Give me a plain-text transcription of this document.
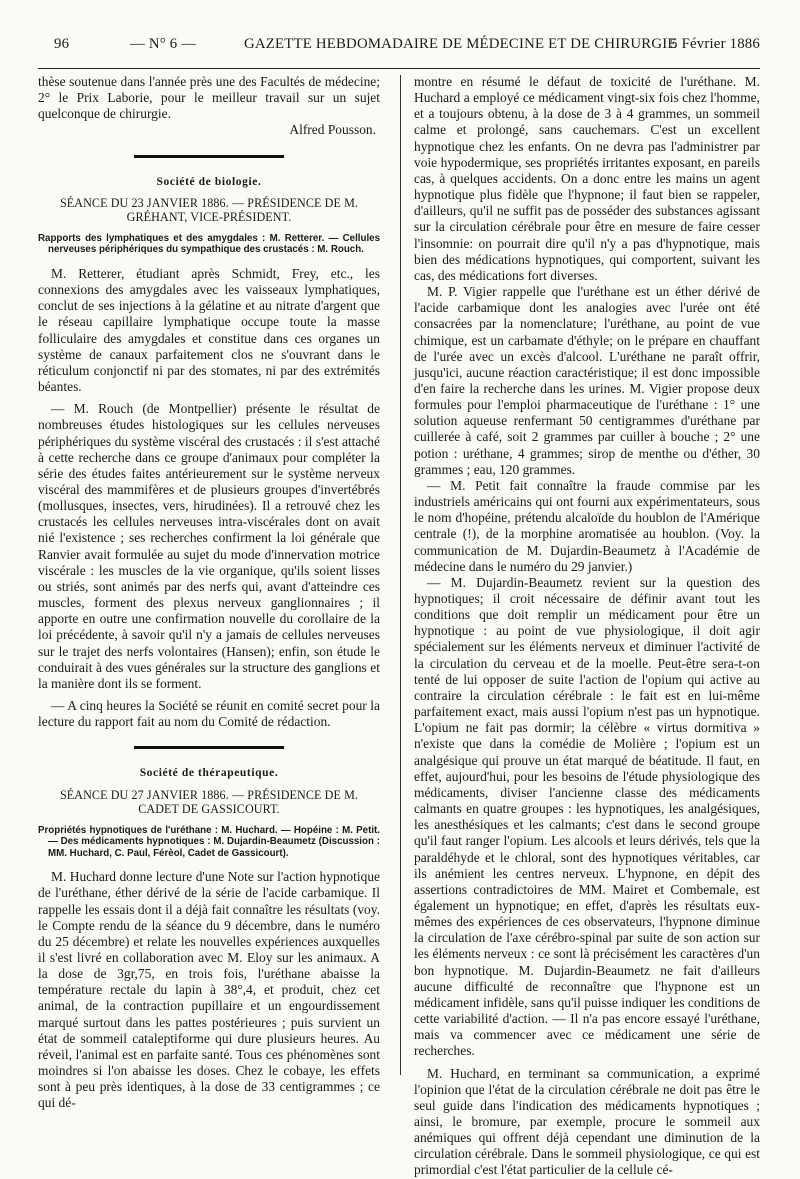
96	— N° 6 —	GAZETTE HEBDOMADAIRE DE MÉDECINE ET DE CHIRURGIE
5 Février 1886

thèse soutenue dans l'année près une des Facultés de médecine; 2° le Prix Laborie, pour le meilleur travail sur un sujet quelconque de chirurgie.

Alfred Pousson.

Société de biologie.
SÉANCE DU 23 JANVIER 1886. — PRÉSIDENCE DE M. GRÉHANT, VICE-PRÉSIDENT.
Rapports des lymphatiques et des amygdales : M. Retterer. — Cellules nerveuses périphériques du sympathique des crustacés : M. Rouch.

M. Retterer, étudiant après Schmidt, Frey, etc., les connexions des amygdales avec les vaisseaux lymphatiques, conclut de ses injections à la gélatine et au nitrate d'argent que le réseau capillaire lymphatique occupe toute la masse folliculaire des amygdales et constitue dans ces organes un système de canaux parfaitement clos ne s'ouvrant dans le réticulum conjonctif ni par des stomates, ni par des extrémités béantes.

— M. Rouch (de Montpellier) présente le résultat de nombreuses études histologiques sur les cellules nerveuses périphériques du système viscéral des crustacés : il s'est attaché à cette recherche dans ce groupe d'animaux pour compléter la série des études faites antérieurement sur le système nerveux viscéral des mammifères et de plusieurs groupes d'invertébrés (mollusques, insectes, vers, hirudinées). Il a retrouvé chez les crustacés les cellules nerveuses intra-viscérales dont on avait nié l'existence ; ses recherches confirment la loi générale que Ranvier avait formulée au sujet du mode d'innervation motrice viscérale : les muscles de la vie organique, qu'ils soient lisses ou striés, sont animés par des nerfs qui, avant d'atteindre ces muscles, forment des plexus nerveux ganglionnaires ; il apporte en outre une confirmation nouvelle du corollaire de la loi précédente, à savoir qu'il n'y a jamais de cellules nerveuses sur le trajet des nerfs volontaires (Hansen); enfin, son étude le conduirait à des vues générales sur la structure des ganglions et la manière dont ils se forment.

— A cinq heures la Société se réunit en comité secret pour la lecture du rapport fait au nom du Comité de rédaction.

Société de thérapeutique.
SÉANCE DU 27 JANVIER 1886. — PRÉSIDENCE DE M. CADET DE GASSICOURT.
Propriétés hypnotiques de l'uréthane : M. Huchard. — Hopéine : M. Petit. — Des médicaments hypnotiques : M. Dujardin-Beaumetz (Discussion : MM. Huchard, C. Paul, Férèol, Cadet de Gassicourt).

M. Huchard donne lecture d'une Note sur l'action hypnotique de l'uréthane, éther dérivé de la série de l'acide carbamique. Il rappelle les essais dont il a déjà fait connaître les résultats (voy. le Compte rendu de la séance du 9 décembre, dans le numéro du 25 décembre) et relate les nouvelles expériences auxquelles il s'est livré en collaboration avec M. Eloy sur les animaux. A la dose de 3gr,75, en trois fois, l'uréthane abaisse la température rectale du lapin à 38°,4, et produit, chez cet animal, de la contraction pupillaire et un engourdissement marqué surtout dans les pattes postérieures ; puis survient un état de sommeil cataleptiforme qui dure plusieurs heures. Au réveil, l'animal est en parfaite santé. Tous ces phénomènes sont moindres si l'on abaisse les doses. Chez le cobaye, les effets sont à peu près identiques, à la dose de 33 centigrammes ; ce qui dé-

montre en résumé le défaut de toxicité de l'uréthane. M. Huchard a employé ce médicament vingt-six fois chez l'homme, et a toujours obtenu, à la dose de 3 à 4 grammes, un sommeil calme et prolongé, sans cauchemars. C'est un excellent hypnotique chez les enfants. On ne devra pas l'administrer par voie hypodermique, ses propriétés irritantes exposant, en pareils cas, à quelques accidents. On a donc entre les mains un agent hypnotique plus fidèle que l'hypnone; il faut bien se rappeler, d'ailleurs, qu'il ne suffit pas de posséder des substances agissant sur la circulation cérébrale pour être en mesure de faire cesser l'insomnie: on pourrait dire qu'il n'y a pas d'hypnotique, mais bien des médications hypnotiques, qui comportent, suivant les cas, des médications fort diverses.

M. P. Vigier rappelle que l'uréthane est un éther dérivé de l'acide carbamique dont les analogies avec l'urée ont été consacrées par la nomenclature; l'uréthane, au point de vue chimique, est un carbamate d'éthyle; on le prépare en chauffant de l'urée avec un excès d'alcool. L'uréthane ne paraît offrir, jusqu'ici, aucune réaction caractéristique; il est donc impossible d'en faire la recherche dans les urines. M. Vigier propose deux formules pour l'emploi pharmaceutique de l'uréthane : 1° une solution aqueuse renfermant 50 centigrammes d'uréthane par cuillerée à café, soit 2 grammes par cuiller à bouche ; 2° une potion : uréthane, 4 grammes; sirop de menthe ou d'éther, 30 grammes ; eau, 120 grammes.

— M. Petit fait connaître la fraude commise par les industriels américains qui ont fourni aux expérimentateurs, sous le nom d'hopéine, prétendu alcaloïde du houblon de l'Amérique centrale (!), de la morphine aromatisée au houblon. (Voy. la communication de M. Dujardin-Beaumetz à l'Académie de médecine dans le numéro du 29 janvier.)

— M. Dujardin-Beaumetz revient sur la question des hypnotiques; il croit nécessaire de définir avant tout les conditions que doit remplir un médicament pour être un hypnotique : au point de vue physiologique, il doit agir spécialement sur les éléments nerveux et diminuer l'activité de la circulation du cerveau et de la moelle. Peut-être sera-t-on tenté de lui opposer de suite l'action de l'opium qui active au contraire la circulation cérébrale : le fait est en lui-même parfaitement exact, mais aussi l'opium n'est pas un hypnotique. L'opium ne fait pas dormir; la célèbre « virtus dormitiva » n'existe que dans la comédie de Molière ; l'opium est un analgésique qui prouve un état marqué de béatitude. Il faut, en effet, aujourd'hui, pour les besoins de l'étude physiologique des médicaments, diviser l'ancienne classe des médicaments calmants en quatre groupes : les hypnotiques, les analgésiques, les anesthésiques et les calmants; c'est dans le second groupe qu'il faut ranger l'opium. Les alcools et leurs dérivés, tels que la paraldéhyde et le chloral, sont des hypnotiques véritables, car ils anémient les centres nerveux. L'hypnone, en dépit des assertions contradictoires de MM. Mairet et Combemale, est également un hypnotique; en effet, d'après les résultats eux-mêmes des expériences de ces observateurs, l'hypnone diminue la circulation de l'axe cérébro-spinal par suite de son action sur les éléments nerveux : ce sont là précisément les caractères d'un bon hypnotique. M. Dujardin-Beaumetz ne fait d'ailleurs aucune difficulté de reconnaître que l'hypnone est un médicament infidèle, sans qu'il puisse indiquer les conditions de cette variabilité d'action. — Il n'a pas encore essayé l'uréthane, mais va commencer avec ce médicament une série de recherches.

M. Huchard, en terminant sa communication, a exprimé l'opinion que l'état de la circulation cérébrale ne doit pas être le seul guide dans l'indication des médicaments hypnotiques ; ainsi, le bromure, par exemple, procure le sommeil aux anémiques qui offrent déjà cependant une diminution de la circulation cérébrale. Dans le sommeil physiologique, ce qui est primordial c'est l'état particulier de la cellule cé-
